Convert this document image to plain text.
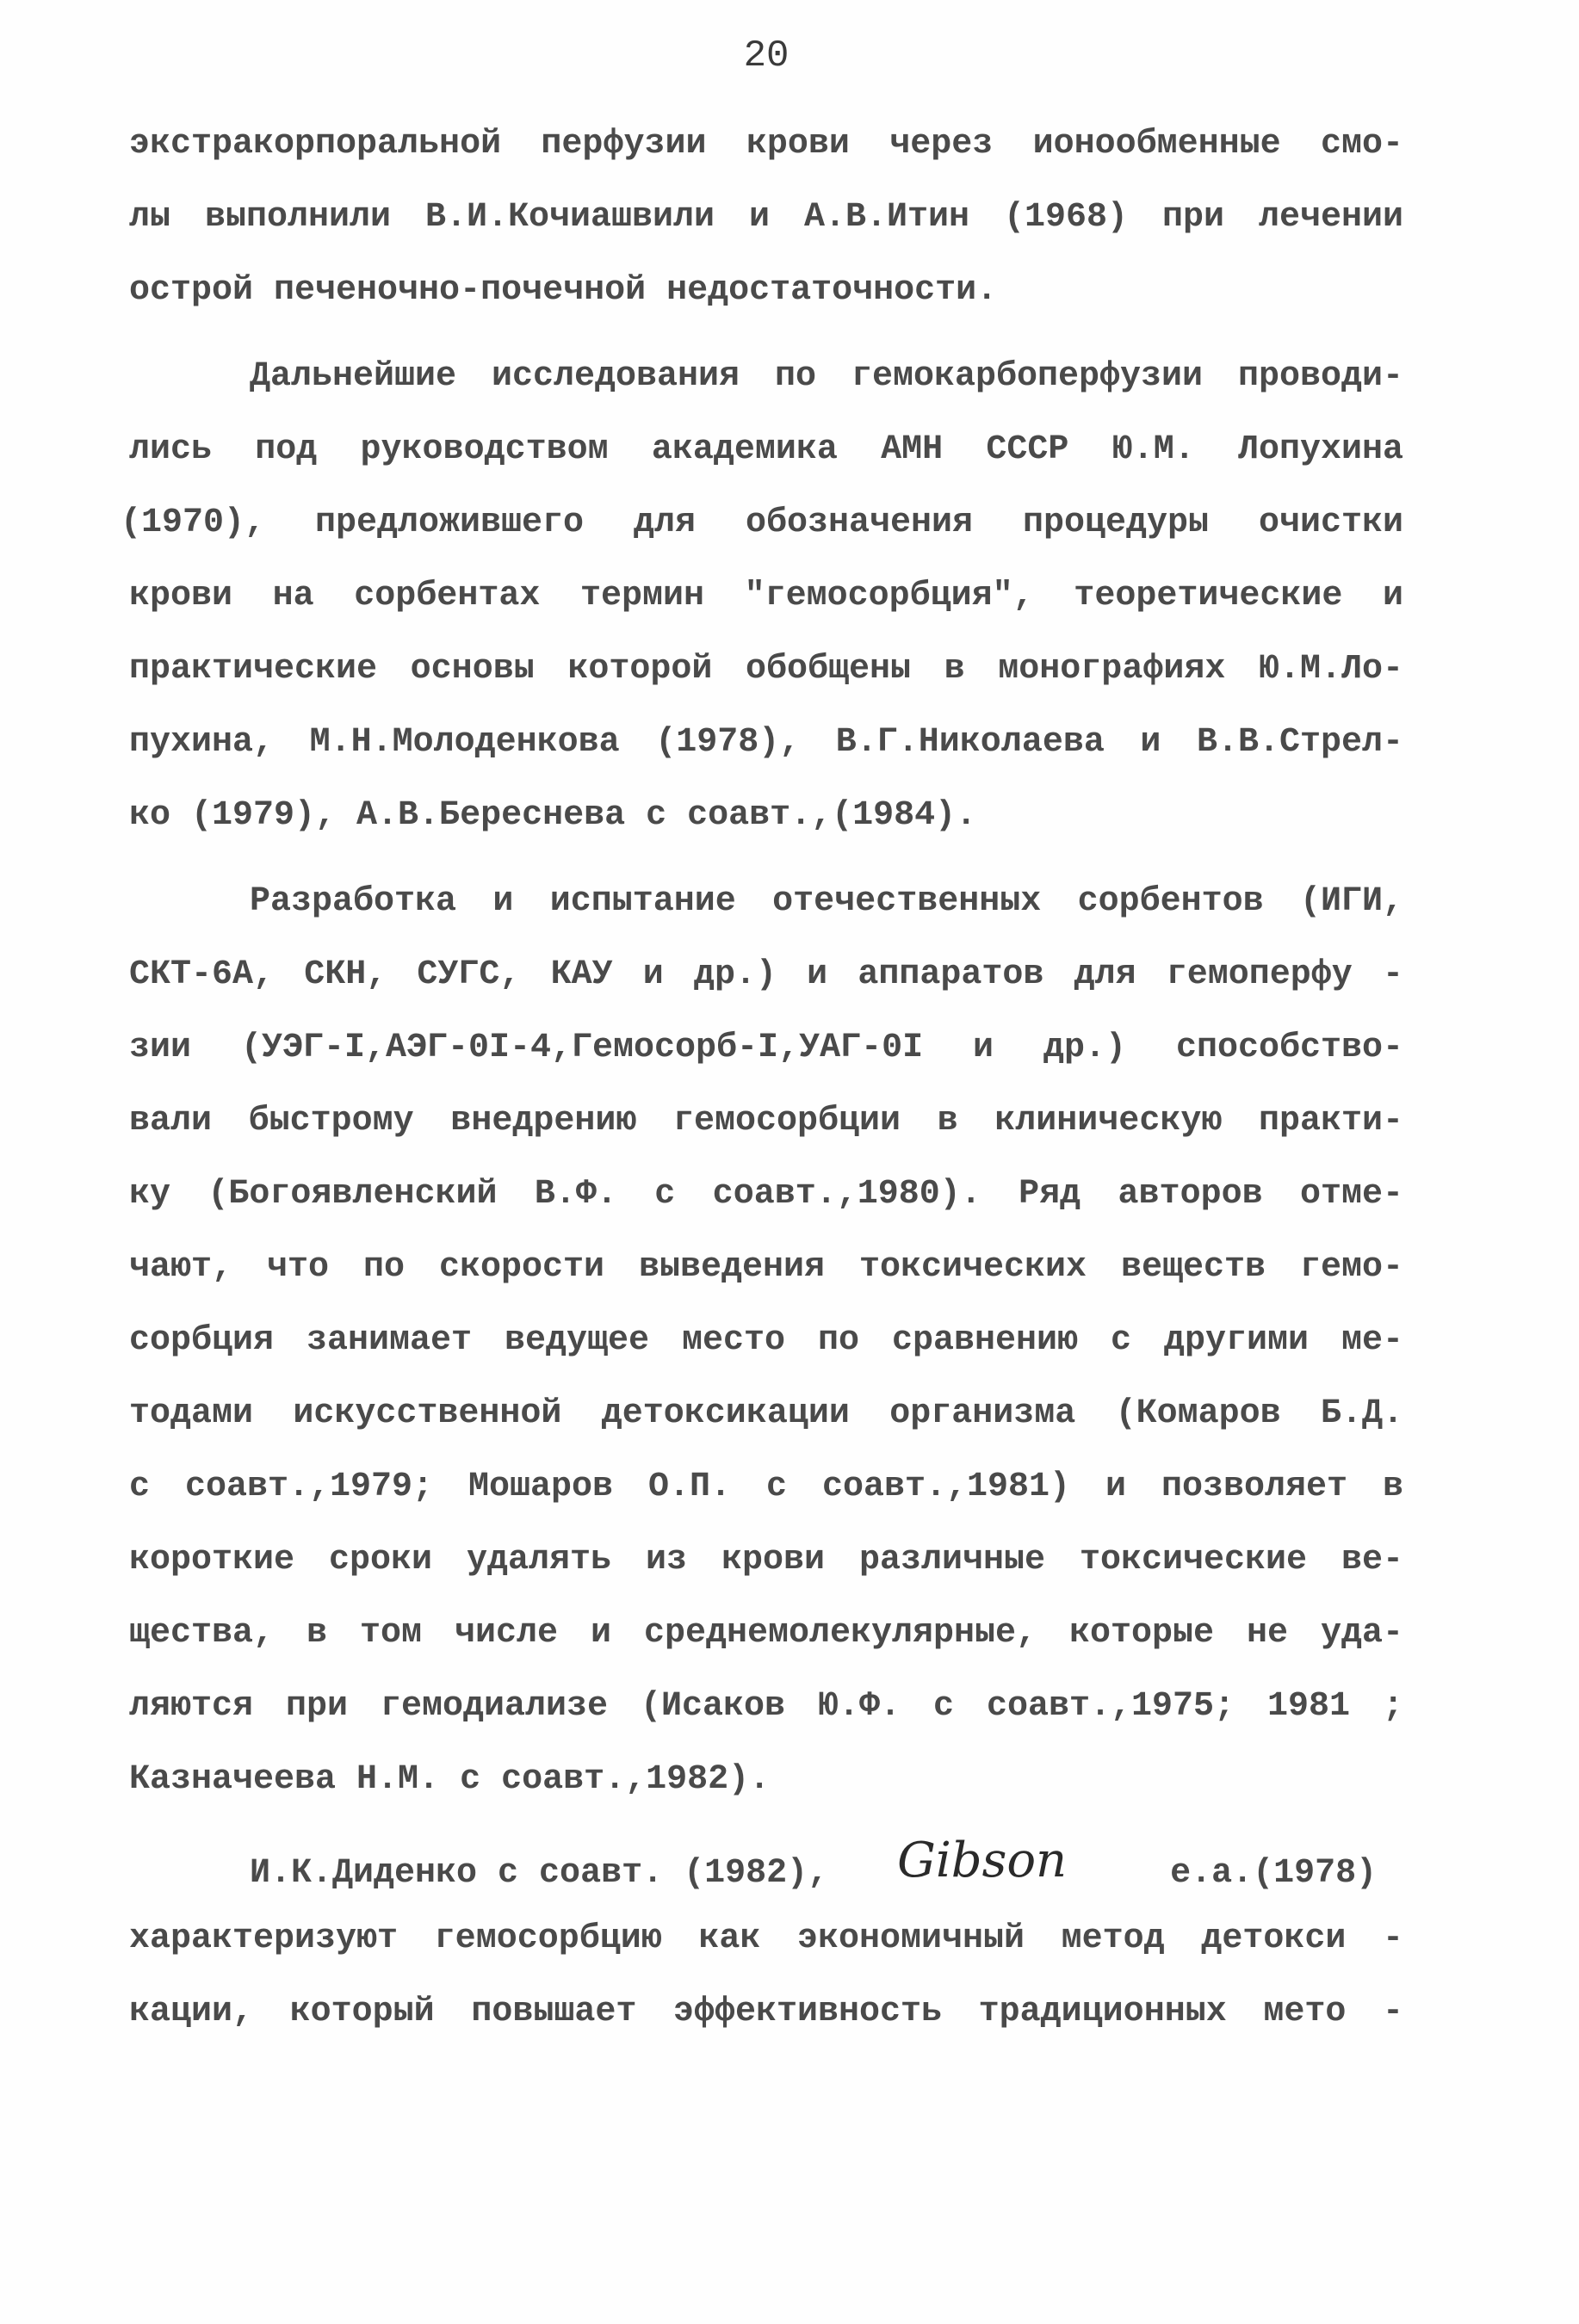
20
экстракорпоральной перфузии крови через ионообменные смо-
лы выполнили В.И.Кочиашвили и А.В.Итин (1968) при лечении
острой печеночно-почечной недостаточности.
Дальнейшие исследования по гемокарбоперфузии проводи-
лись под руководством академика АМН СССР Ю.М. Лопухина
(1970), предложившего для обозначения процедуры очистки
крови на сорбентах термин "гемосорбция", теоретические и
практические основы которой обобщены в монографиях Ю.М.Ло-
пухина, М.Н.Молоденкова (1978), В.Г.Николаева и В.В.Стрел-
ко (1979), А.В.Береснева с соавт.,(1984).
Разработка и испытание отечественных сорбентов (ИГИ,
СКТ-6А, СКН, СУГС, КАУ и др.) и аппаратов для гемоперфу -
зии (УЭГ-I,АЭГ-0I-4,Гемосорб-I,УАГ-0I и др.) способство-
вали быстрому внедрению гемосорбции в клиническую практи-
ку (Богоявленский В.Ф. с соавт.,1980). Ряд авторов отме-
чают, что по скорости выведения токсических веществ гемо-
сорбция занимает ведущее место по сравнению с другими ме-
тодами искусственной детоксикации организма (Комаров Б.Д.
с соавт.,1979; Мошаров О.П. с соавт.,1981) и позволяет в
короткие сроки удалять из крови различные токсические ве-
щества, в том числе и среднемолекулярные, которые не уда-
ляются при гемодиализе (Исаков Ю.Ф. с соавт.,1975; 1981 ;
Казначеева Н.М. с соавт.,1982).
И.К.Диденко с соавт. (1982), Gibson	e.a.(1978)
характеризуют гемосорбцию как экономичный метод детокси -
кации, который повышает эффективность традиционных мето -
